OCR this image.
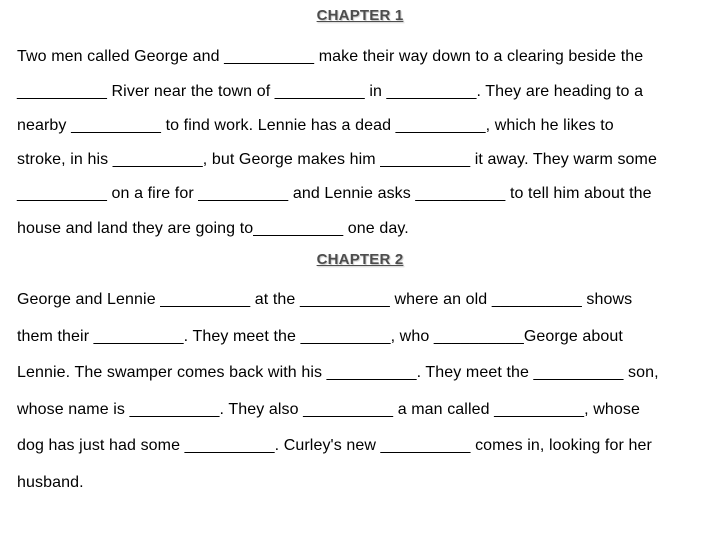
CHAPTER 1
Two men called George and __________ make their way down to a clearing beside the
__________ River near the town of __________ in __________. They are heading to a
nearby __________ to find work. Lennie has a dead __________, which he likes to
stroke, in his __________, but George makes him __________ it away. They warm some
__________ on a fire for __________ and Lennie asks __________ to tell him about the
house and land they are going to__________ one day.
CHAPTER 2
George and Lennie __________ at the __________ where an old __________ shows
them their __________. They meet the __________, who __________George about
Lennie. The swamper comes back with his __________. They meet the __________ son,
whose name is __________. They also __________ a man called __________, whose
dog has just had some __________. Curley's new __________ comes in, looking for her
husband.
